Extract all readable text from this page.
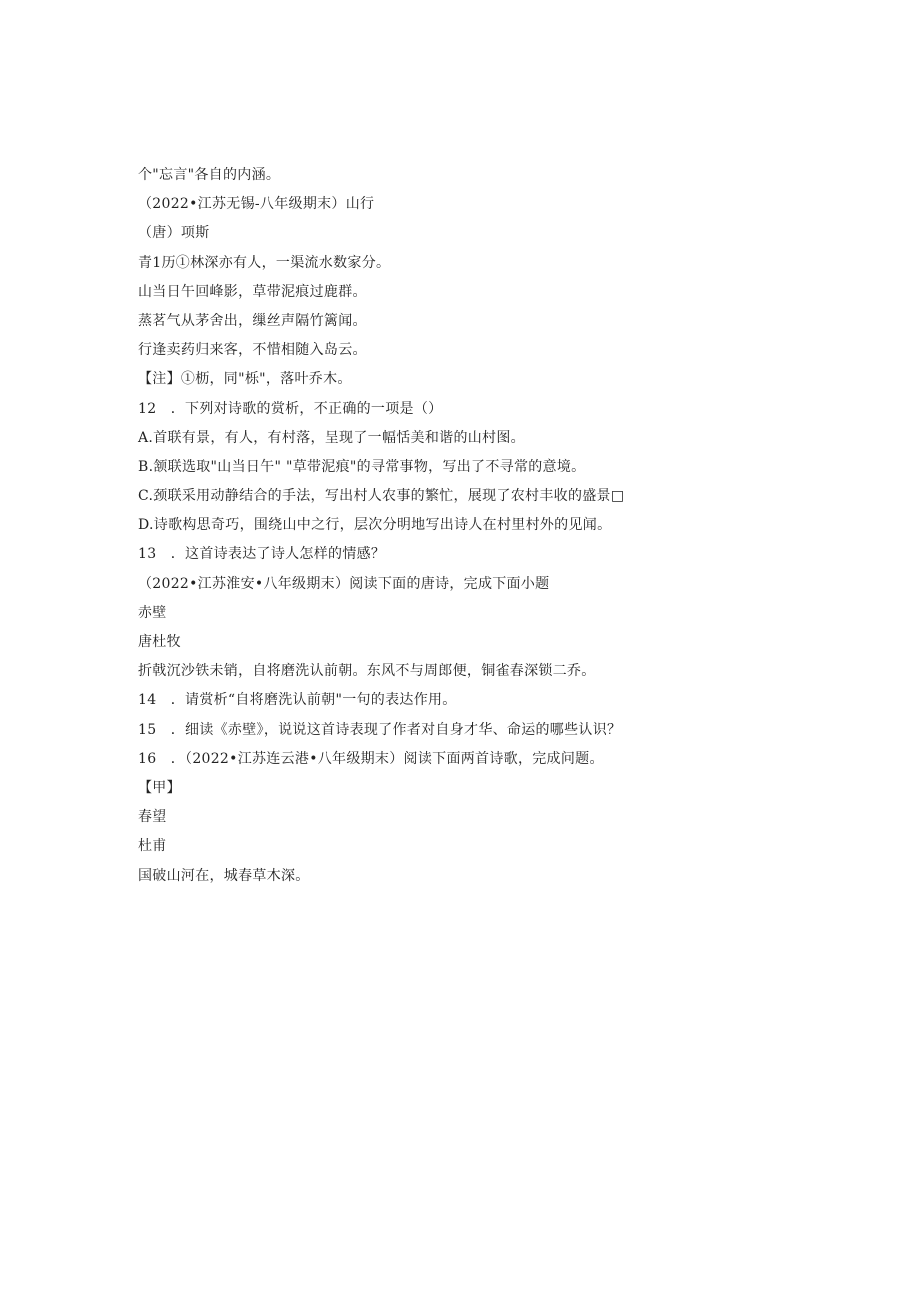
个"忘言"各自的内涵。
（2022•江苏无锡-八年级期末）山行
（唐）项斯
青1历①林深亦有人，一渠流水数家分。
山当日午回峰影，草带泥痕过鹿群。
蒸茗气从茅舍出，缫丝声隔竹篱闻。
行逢卖药归来客，不惜相随入岛云。
【注】①枥，同"栎"，落叶乔木。
12　．下列对诗歌的赏析，不正确的一项是（）
A.首联有景，有人，有村落，呈现了一幅恬美和谐的山村图。
B.颔联选取"山当日午" "草带泥痕"的寻常事物，写出了不寻常的意境。
C.颈联采用动静结合的手法，写出村人农事的繁忙，展现了农村丰收的盛景□
D.诗歌构思奇巧，围绕山中之行，层次分明地写出诗人在村里村外的见闻。
13　．这首诗表达了诗人怎样的情感？
（2022•江苏淮安•八年级期末）阅读下面的唐诗，完成下面小题
赤壁
唐杜牧
折戟沉沙铁未销，自将磨洗认前朝。东风不与周郎便，铜雀春深锁二乔。
14　．请赏析“自将磨洗认前朝"一句的表达作用。
15　．细读《赤壁》，说说这首诗表现了作者对自身才华、命运的哪些认识？
16　．（2022•江苏连云港•八年级期末）阅读下面两首诗歌，完成问题。
【甲】
春望
杜甫
国破山河在，城春草木深。
